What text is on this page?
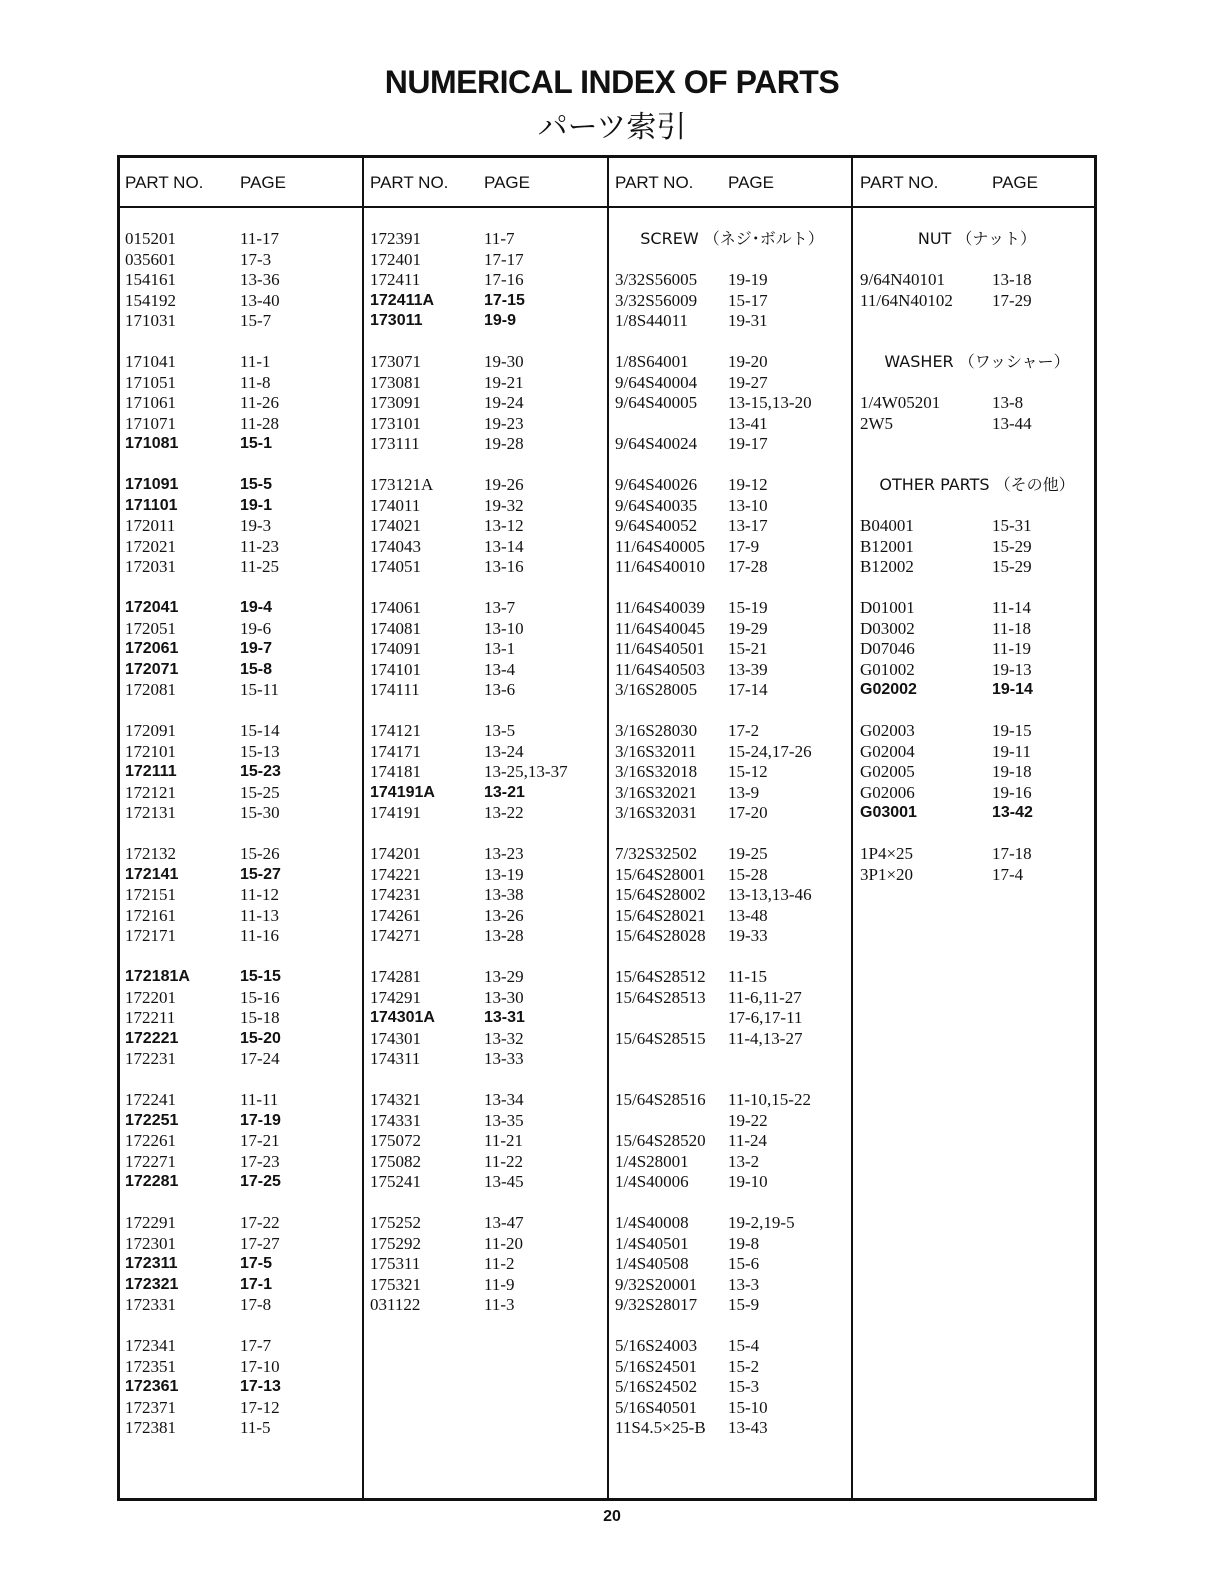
NUMERICAL INDEX OF PARTS
パーツ索引
PART NO. PAGE	PART NO. PAGE	PART NO. PAGE	PART NO.	PAGE
015201	11-17
035601	17-3
154161	13-36
154192	13-40
171031	15-7
171041	11-1
171051	11-8
171061	11-26
171071	11-28
171081	15-1
171091	15-5
171101	19-1
172011	19-3
172021	11-23
172031	11-25
172041	19-4
172051	19-6
172061	19-7
172071	15-8
172081	15-11
172091	15-14
172101	15-13
172111	15-23
172121	15-25
172131	15-30
172132	15-26
172141	15-27
172151	11-12
172161	11-13
172171	11-16
172181A	15-15
172201	15-16
172211	15-18
172221	15-20
172231	17-24
172241	11-11
172251	17-19
172261	17-21
172271	17-23
172281	17-25
172291	17-22
172301	17-27
172311	17-5
172321	17-1
172331	17-8
172341	17-7
172351	17-10
172361	17-13
172371	17-12
172381	11-5
172391	11-7
172401	17-17
172411	17-16
172411A	17-15
173011	19-9
173071	19-30
173081	19-21
173091	19-24
173101	19-23
173111	19-28
173121A	19-26
174011	19-32
174021	13-12
174043	13-14
174051	13-16
174061	13-7
174081	13-10
174091	13-1
174101	13-4
174111	13-6
174121	13-5
174171	13-24
174181	13-25,13-37
174191A	13-21
174191	13-22
174201	13-23
174221	13-19
174231	13-38
174261	13-26
174271	13-28
174281	13-29
174291	13-30
174301A	13-31
174301	13-32
174311	13-33
174321	13-34
174331	13-35
175072	11-21
175082	11-22
175241	13-45
175252	13-47
175292	11-20
175311	11-2
175321	11-9
031122	11-3
SCREW （ネジ･ボルト）
3/32S56005 19-19
3/32S56009 15-17
1/8S44011 19-31
1/8S64001 19-20
9/64S40004 19-27
9/64S40005 13-15,13-20
13-41
9/64S40024 19-17
9/64S40026 19-12
9/64S40035 13-10
9/64S40052 13-17
11/64S40005 17-9
11/64S40010 17-28
11/64S40039 15-19
11/64S40045 19-29
11/64S40501 15-21
11/64S40503 13-39
3/16S28005 17-14
3/16S28030 17-2
3/16S32011 15-24,17-26
3/16S32018 15-12
3/16S32021 13-9
3/16S32031 17-20
7/32S32502 19-25
15/64S28001 15-28
15/64S28002 13-13,13-46
15/64S28021 13-48
15/64S28028 19-33
15/64S28512 11-15
15/64S28513 11-6,11-27
17-6,17-11
15/64S28515 11-4,13-27
15/64S28516 11-10,15-22
19-22
15/64S28520 11-24
1/4S28001 13-2
1/4S40006 19-10
1/4S40008 19-2,19-5
1/4S40501 19-8
1/4S40508 15-6
9/32S20001 13-3
9/32S28017 15-9
5/16S24003 15-4
5/16S24501 15-2
5/16S24502 15-3
5/16S40501 15-10
11S4.5×25-B 13-43
NUT （ナット）
9/64N40101	13-18
11/64N40102 17-29
WASHER （ワッシャー）
1/4W05201	13-8
2W5	13-44
OTHER PARTS （その他）
B04001	15-31
B12001	15-29
B12002	15-29
D01001	11-14
D03002	11-18
D07046	11-19
G01002	19-13
G02002	19-14
G02003	19-15
G02004	19-11
G02005	19-18
G02006	19-16
G03001	13-42
1P4×25	17-18
3P1×20	17-4
20
